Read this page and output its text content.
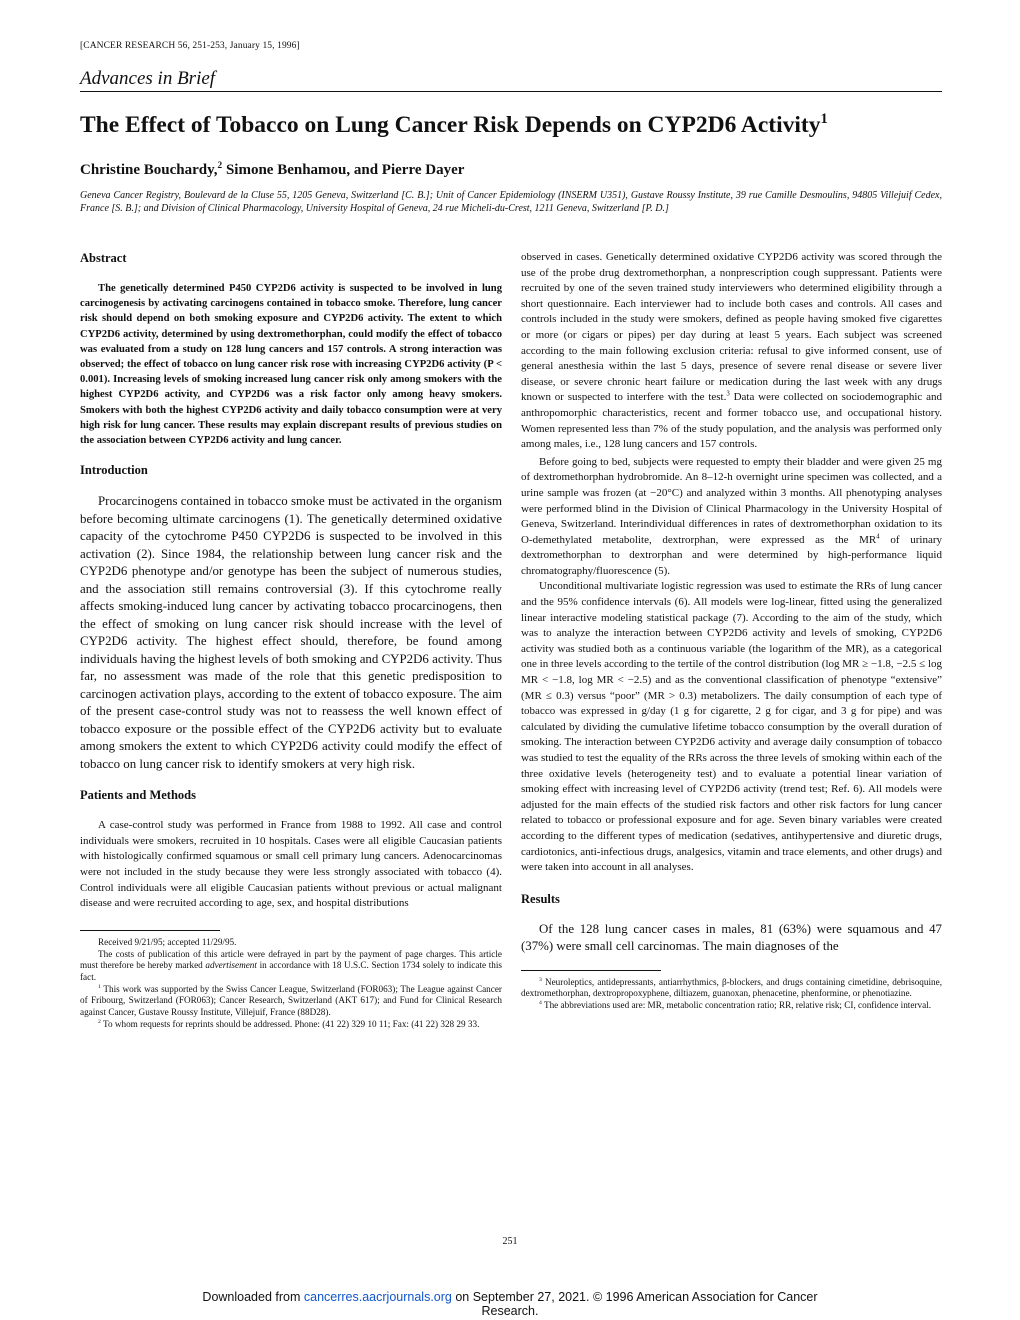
[CANCER RESEARCH 56, 251-253, January 15, 1996]
Advances in Brief
The Effect of Tobacco on Lung Cancer Risk Depends on CYP2D6 Activity$^1$
Christine Bouchardy,$^2$ Simone Benhamou, and Pierre Dayer
Geneva Cancer Registry, Boulevard de la Cluse 55, 1205 Geneva, Switzerland [C. B.]; Unit of Cancer Epidemiology (INSERM U351), Gustave Roussy Institute, 39 rue Camille Desmoulins, 94805 Villejuif Cedex, France [S. B.]; and Division of Clinical Pharmacology, University Hospital of Geneva, 24 rue Micheli-du-Crest, 1211 Geneva, Switzerland [P. D.]
Abstract

The genetically determined P450 CYP2D6 activity is suspected to be involved in lung carcinogenesis by activating carcinogens contained in tobacco smoke. Therefore, lung cancer risk should depend on both smoking exposure and CYP2D6 activity. The extent to which CYP2D6 activity, determined by using dextromethorphan, could modify the effect of tobacco was evaluated from a study on 128 lung cancers and 157 controls. A strong interaction was observed; the effect of tobacco on lung cancer risk rose with increasing CYP2D6 activity (P < 0.001). Increasing levels of smoking increased lung cancer risk only among smokers with the highest CYP2D6 activity, and CYP2D6 was a risk factor only among heavy smokers. Smokers with both the highest CYP2D6 activity and daily tobacco consumption were at very high risk for lung cancer. These results may explain discrepant results of previous studies on the association between CYP2D6 activity and lung cancer.

Introduction

Procarcinogens contained in tobacco smoke must be activated in the organism before becoming ultimate carcinogens (1). The genetically determined oxidative capacity of the cytochrome P450 CYP2D6 is suspected to be involved in this activation (2). Since 1984, the relationship between lung cancer risk and the CYP2D6 phenotype and/or genotype has been the subject of numerous studies, and the association still remains controversial (3). If this cytochrome really affects smoking-induced lung cancer by activating tobacco procarcinogens, then the effect of smoking on lung cancer risk should increase with the level of CYP2D6 activity. The highest effect should, therefore, be found among individuals having the highest levels of both smoking and CYP2D6 activity. Thus far, no assessment was made of the role that this genetic predisposition to carcinogen activation plays, according to the extent of tobacco exposure. The aim of the present case-control study was not to reassess the well known effect of tobacco exposure or the possible effect of the CYP2D6 activity but to evaluate among smokers the extent to which CYP2D6 activity could modify the effect of tobacco on lung cancer risk to identify smokers at very high risk.

Patients and Methods

A case-control study was performed in France from 1988 to 1992. All case and control individuals were smokers, recruited in 10 hospitals. Cases were all eligible Caucasian patients with histologically confirmed squamous or small cell primary lung cancers. Adenocarcinomas were not included in the study because they were less strongly associated with tobacco (4). Control individuals were all eligible Caucasian patients without previous or actual malignant disease and were recruited according to age, sex, and hospital distributions

Received 9/21/95; accepted 11/29/95.

The costs of publication of this article were defrayed in part by the payment of page charges. This article must therefore be hereby marked advertisement in accordance with 18 U.S.C. Section 1734 solely to indicate this fact.

$^1$ This work was supported by the Swiss Cancer League, Switzerland (FOR063); The League against Cancer of Fribourg, Switzerland (FOR063); Cancer Research, Switzerland (AKT 617); and Fund for Clinical Research against Cancer, Gustave Roussy Institute, Villejuif, France (88D28).

$^2$ To whom requests for reprints should be addressed. Phone: (41 22) 329 10 11; Fax: (41 22) 328 29 33.

observed in cases. Genetically determined oxidative CYP2D6 activity was scored through the use of the probe drug dextromethorphan, a nonprescription cough suppressant. Patients were recruited by one of the seven trained study interviewers who determined eligibility through a short questionnaire. Each interviewer had to include both cases and controls. All cases and controls included in the study were smokers, defined as people having smoked five cigarettes or more (or cigars or pipes) per day during at least 5 years. Each subject was screened according to the main following exclusion criteria: refusal to give informed consent, use of general anesthesia within the last 5 days, presence of severe renal disease or severe liver disease, or severe chronic heart failure or medication during the last week with any drugs known or suspected to interfere with the test.$^3$ Data were collected on sociodemographic and anthropomorphic characteristics, recent and former tobacco use, and occupational history. Women represented less than 7% of the study population, and the analysis was performed only among males, i.e., 128 lung cancers and 157 controls.

Before going to bed, subjects were requested to empty their bladder and were given 25 mg of dextromethorphan hydrobromide. An 8–12-h overnight urine specimen was collected, and a urine sample was frozen (at −20°C) and analyzed within 3 months. All phenotyping analyses were performed blind in the Division of Clinical Pharmacology in the University Hospital of Geneva, Switzerland. Interindividual differences in rates of dextromethorphan oxidation to its O-demethylated metabolite, dextrorphan, were expressed as the $MR^4$ of urinary dextromethorphan to dextrorphan and were determined by high-performance liquid chromatography/fluorescence (5).

Unconditional multivariate logistic regression was used to estimate the RRs of lung cancer and the 95% confidence intervals (6). All models were log-linear, fitted using the generalized linear interactive modeling statistical package (7). According to the aim of the study, which was to analyze the interaction between CYP2D6 activity and levels of smoking, CYP2D6 activity was studied both as a continuous variable (the logarithm of the MR), as a categorical one in three levels according to the tertile of the control distribution (log MR ≥ −1.8, −2.5 ≤ log MR < −1.8, log MR < −2.5) and as the conventional classification of phenotype “extensive” (MR ≤ 0.3) versus “poor” (MR > 0.3) metabolizers. The daily consumption of each type of tobacco was expressed in g/day (1 g for cigarette, 2 g for cigar, and 3 g for pipe) and was calculated by dividing the cumulative lifetime tobacco consumption by the overall duration of smoking. The interaction between CYP2D6 activity and average daily consumption of tobacco was studied to test the equality of the RRs across the three levels of smoking within each of the three oxidative levels (heterogeneity test) and to evaluate a potential linear variation of smoking effect with increasing level of CYP2D6 activity (trend test; Ref. 6). All models were adjusted for the main effects of the studied risk factors and other risk factors for lung cancer related to tobacco or professional exposure and for age. Seven binary variables were created according to the different types of medication (sedatives, antihypertensive and diuretic drugs, cardiotonics, anti-infectious drugs, analgesics, vitamin and trace elements, and other drugs) and were taken into account in all analyses.

Results

Of the 128 lung cancer cases in males, 81 (63%) were squamous and 47 (37%) were small cell carcinomas. The main diagnoses of the

$^3$ Neuroleptics, antidepressants, antiarrhythmics, β-blockers, and drugs containing cimetidine, debrisoquine, dextromethorphan, dextropropoxyphene, diltiazem, guanoxan, phenacetine, phenformine, or phenotiazine.

$^4$ The abbreviations used are: MR, metabolic concentration ratio; RR, relative risk; CI, confidence interval.

251
Downloaded from cancerres.aacrjournals.org on September 27, 2021. © 1996 American Association for Cancer
Research.
